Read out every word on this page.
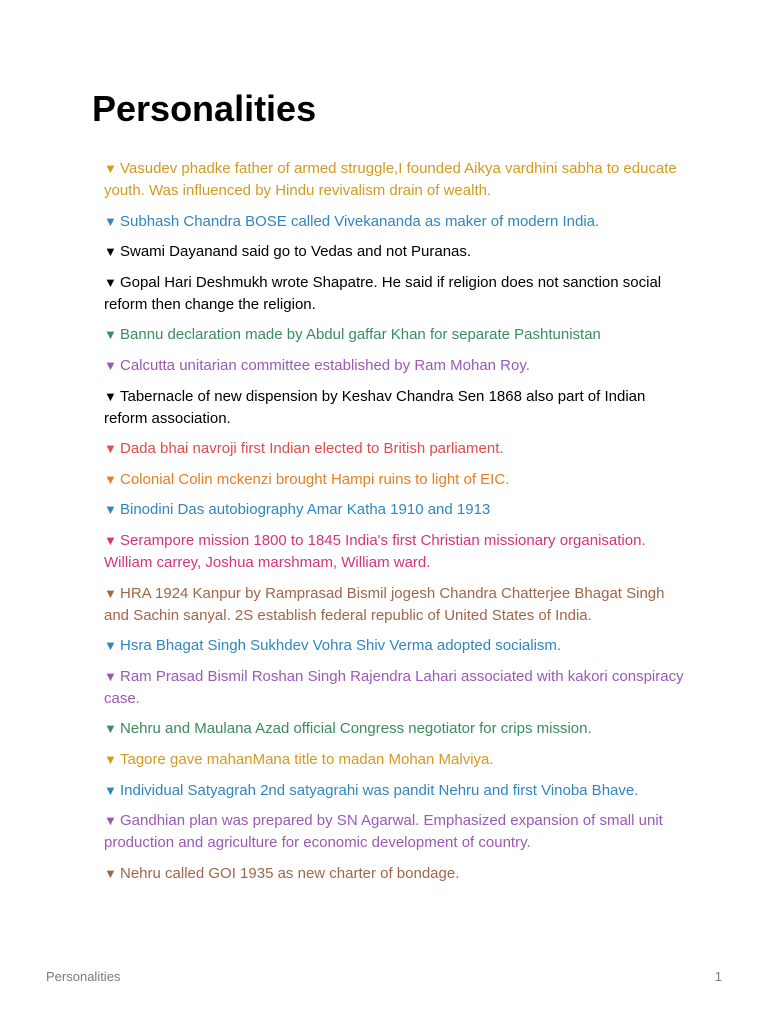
Personalities
▼ Vasudev phadke father of armed struggle,I founded Aikya vardhini sabha to educate youth. Was influenced by Hindu revivalism drain of wealth.
▼ Subhash Chandra BOSE called Vivekananda as maker of modern India.
▼ Swami Dayanand said go to Vedas and not Puranas.
▼ Gopal Hari Deshmukh wrote Shapatre. He said if religion does not sanction social reform then change the religion.
▼ Bannu declaration made by Abdul gaffar Khan for separate Pashtunistan
▼ Calcutta unitarian committee established by Ram Mohan Roy.
▼ Tabernacle of new dispension by Keshav Chandra Sen 1868 also part of Indian reform association.
▼ Dada bhai navroji first Indian elected to British parliament.
▼ Colonial Colin mckenzi brought Hampi ruins to light of EIC.
▼ Binodini Das autobiography Amar Katha 1910 and 1913
▼ Serampore mission 1800 to 1845 India's first Christian missionary organisation. William carrey, Joshua marshmam, William ward.
▼ HRA 1924 Kanpur by Ramprasad Bismil jogesh Chandra Chatterjee Bhagat Singh and Sachin sanyal. 2S establish federal republic of United States of India.
▼ Hsra Bhagat Singh Sukhdev Vohra Shiv Verma adopted socialism.
▼ Ram Prasad Bismil Roshan Singh Rajendra Lahari associated with kakori conspiracy case.
▼ Nehru and Maulana Azad official Congress negotiator for crips mission.
▼ Tagore gave mahanMana title to madan Mohan Malviya.
▼ Individual Satyagrah 2nd satyagrahi was pandit Nehru and first Vinoba Bhave.
▼ Gandhian plan was prepared by SN Agarwal. Emphasized expansion of small unit production and agriculture for economic development of country.
▼ Nehru called GOI 1935 as new charter of bondage.
Personalities	1
